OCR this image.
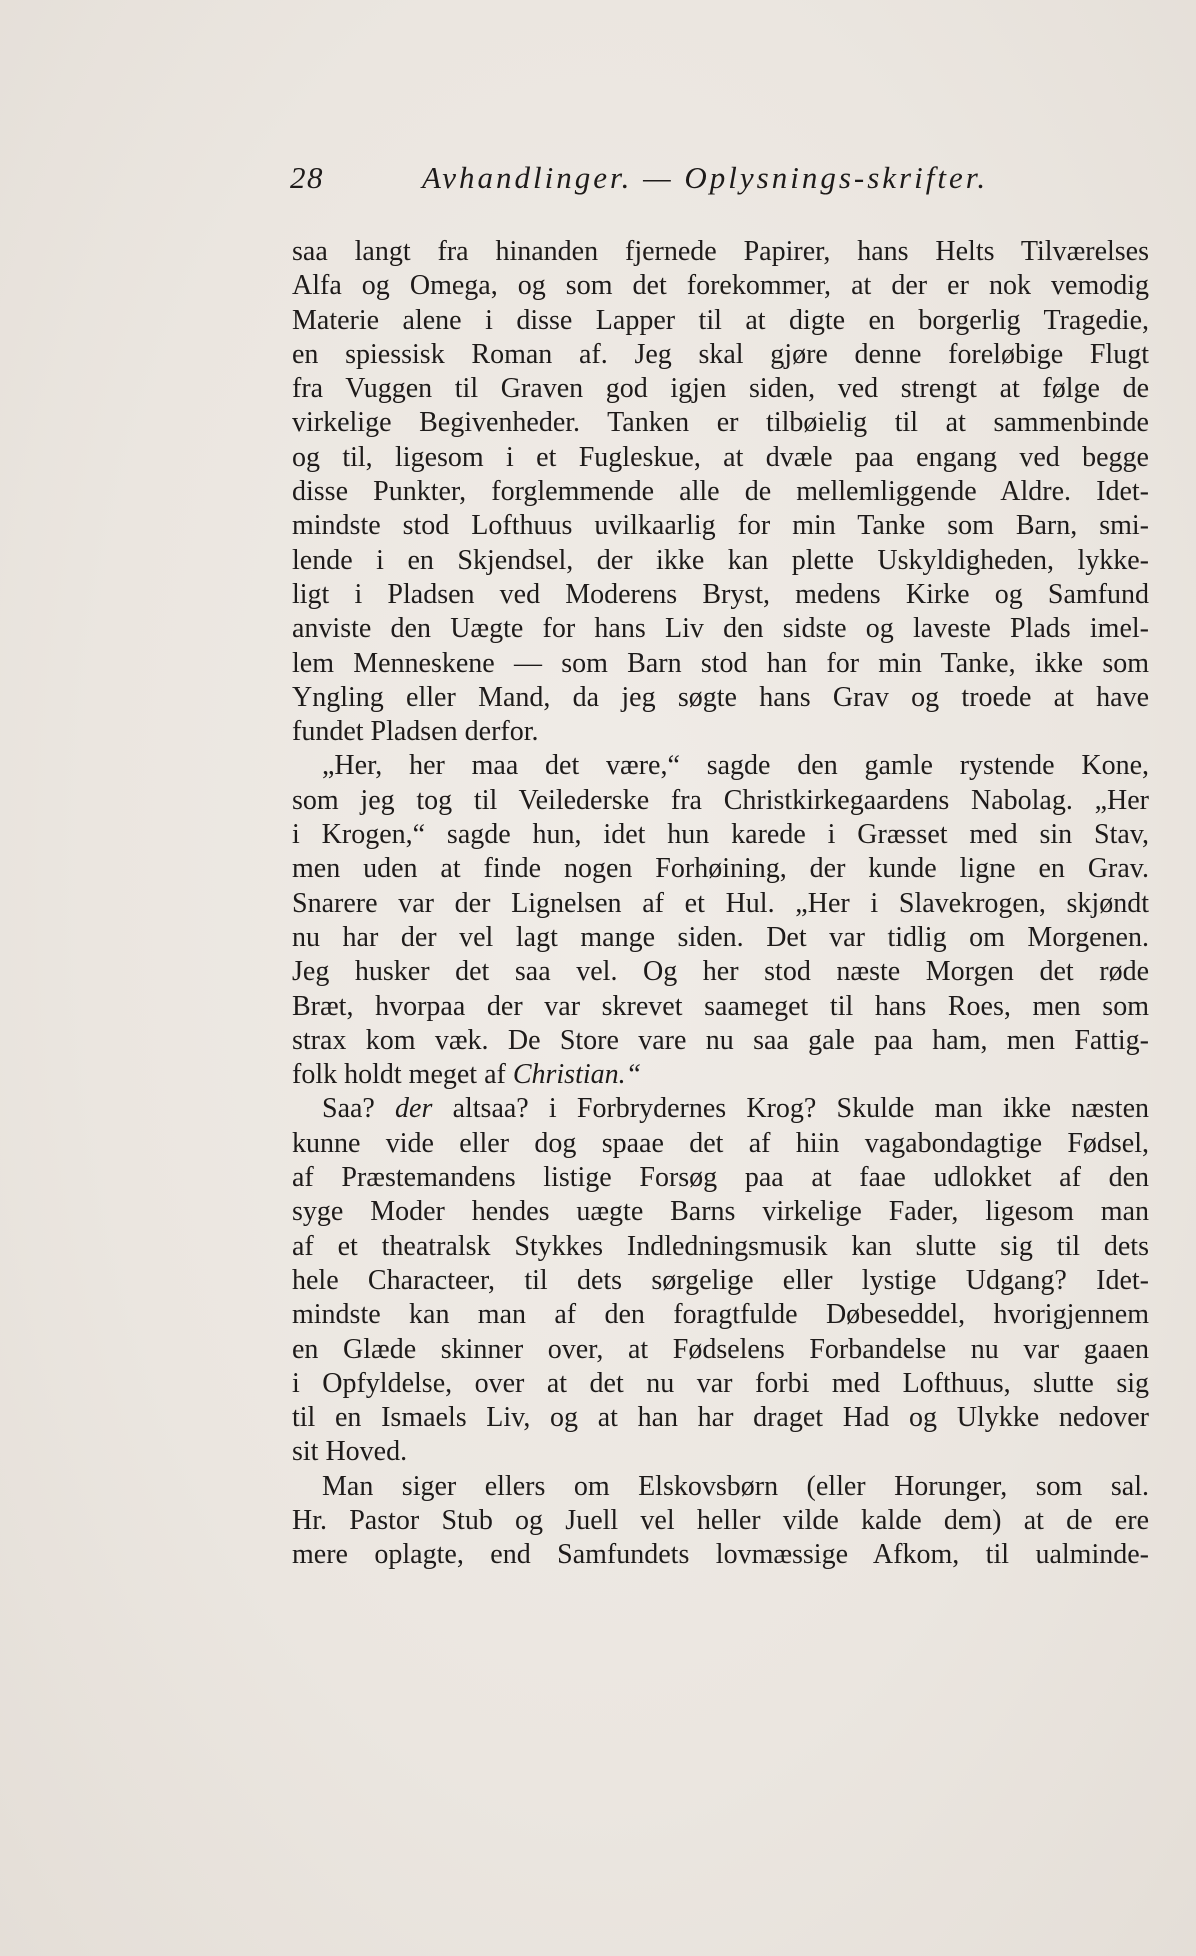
28	Avhandlinger. — Oplysnings-skrifter.
saa langt fra hinanden fjernede Papirer, hans Helts Tilværelses
Alfa og Omega, og som det forekommer, at der er nok vemodig
Materie alene i disse Lapper til at digte en borgerlig Tragedie,
en spiessisk Roman af. Jeg skal gjøre denne foreløbige Flugt
fra Vuggen til Graven god igjen siden, ved strengt at følge de
virkelige Begivenheder. Tanken er tilbøielig til at sammenbinde
og til, ligesom i et Fugleskue, at dvæle paa engang ved begge
disse Punkter, forglemmende alle de mellemliggende Aldre. Idet-
mindste stod Lofthuus uvilkaarlig for min Tanke som Barn, smi-
lende i en Skjendsel, der ikke kan plette Uskyldigheden, lykke-
ligt i Pladsen ved Moderens Bryst, medens Kirke og Samfund
anviste den Uægte for hans Liv den sidste og laveste Plads imel-
lem Menneskene — som Barn stod han for min Tanke, ikke som
Yngling eller Mand, da jeg søgte hans Grav og troede at have
fundet Pladsen derfor.
„Her, her maa det være,“ sagde den gamle rystende Kone,
som jeg tog til Veilederske fra Christkirkegaardens Nabolag. „Her
i Krogen,“ sagde hun, idet hun karede i Græsset med sin Stav,
men uden at finde nogen Forhøining, der kunde ligne en Grav.
Snarere var der Lignelsen af et Hul. „Her i Slavekrogen, skjøndt
nu har der vel lagt mange siden. Det var tidlig om Morgenen.
Jeg husker det saa vel. Og her stod næste Morgen det røde
Bræt, hvorpaa der var skrevet saameget til hans Roes, men som
strax kom væk. De Store vare nu saa gale paa ham, men Fattig-
folk holdt meget af Christian.“
Saa? der altsaa? i Forbrydernes Krog? Skulde man ikke næsten
kunne vide eller dog spaae det af hiin vagabondagtige Fødsel,
af Præstemandens listige Forsøg paa at faae udlokket af den
syge Moder hendes uægte Barns virkelige Fader, ligesom man
af et theatralsk Stykkes Indledningsmusik kan slutte sig til dets
hele Characteer, til dets sørgelige eller lystige Udgang? Idet-
mindste kan man af den foragtfulde Døbeseddel, hvorigjennem
en Glæde skinner over, at Fødselens Forbandelse nu var gaaen
i Opfyldelse, over at det nu var forbi med Lofthuus, slutte sig
til en Ismaels Liv, og at han har draget Had og Ulykke nedover
sit Hoved.
Man siger ellers om Elskovsbørn (eller Horunger, som sal.
Hr. Pastor Stub og Juell vel heller vilde kalde dem) at de ere
mere oplagte, end Samfundets lovmæssige Afkom, til ualminde-
